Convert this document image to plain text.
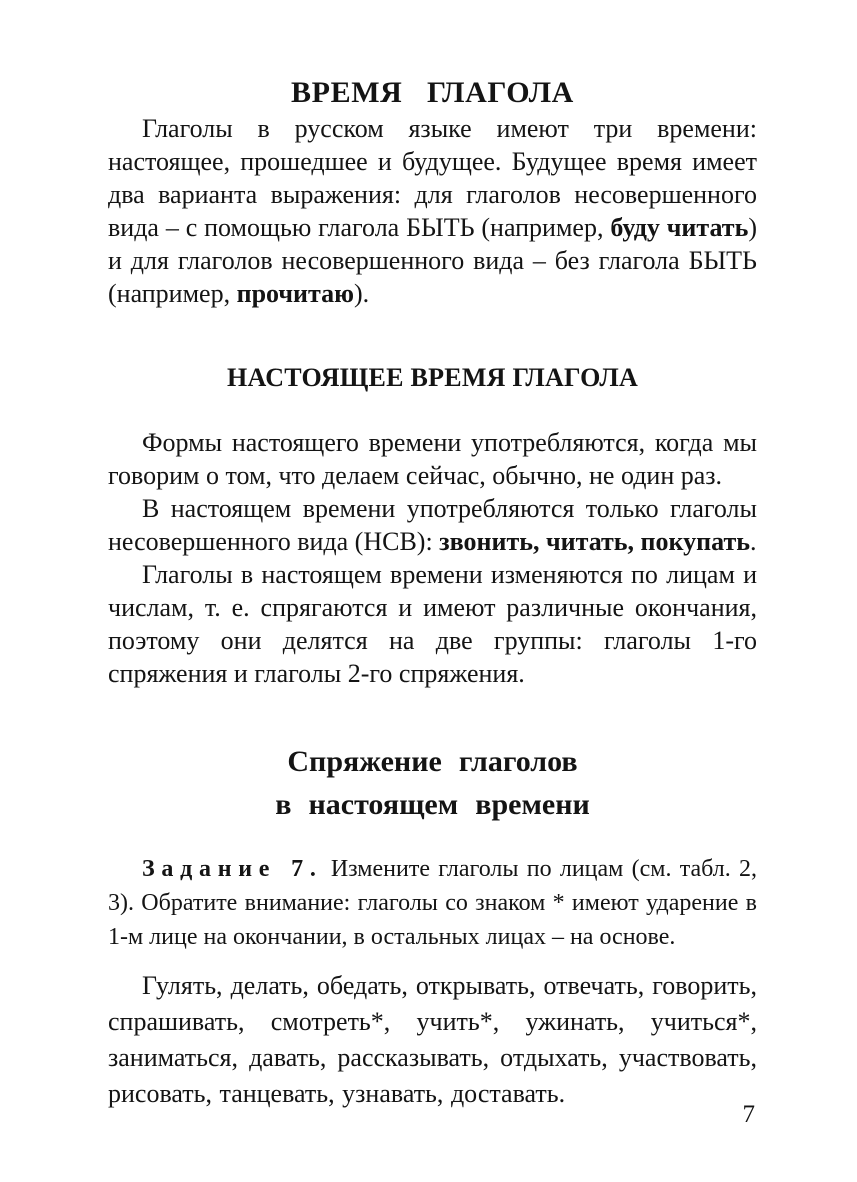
ВРЕМЯ ГЛАГОЛА

Глаголы в русском языке имеют три времени: настоящее, прошедшее и будущее. Будущее время имеет два варианта выражения: для глаголов несовершенного вида – с помощью глагола БЫТЬ (например, буду читать) и для глаголов несовершенного вида – без глагола БЫТЬ (например, прочитаю).

НАСТОЯЩЕЕ ВРЕМЯ ГЛАГОЛА

Формы настоящего времени употребляются, когда мы говорим о том, что делаем сейчас, обычно, не один раз.

В настоящем времени употребляются только глаголы несовершенного вида (НСВ): звонить, читать, покупать.

Глаголы в настоящем времени изменяются по лицам и числам, т. е. спрягаются и имеют различные окончания, поэтому они делятся на две группы: глаголы 1-го спряжения и глаголы 2-го спряжения.

Спряжение глаголов
в настоящем времени

Задание 7. Измените глаголы по лицам (см. табл. 2, 3). Обратите внимание: глаголы со знаком * имеют ударение в 1-м лице на окончании, в остальных лицах – на основе.

Гулять, делать, обедать, открывать, отвечать, говорить, спрашивать, смотреть*, учить*, ужинать, учиться*, заниматься, давать, рассказывать, отдыхать, участвовать, рисовать, танцевать, узнавать, доставать.

7
